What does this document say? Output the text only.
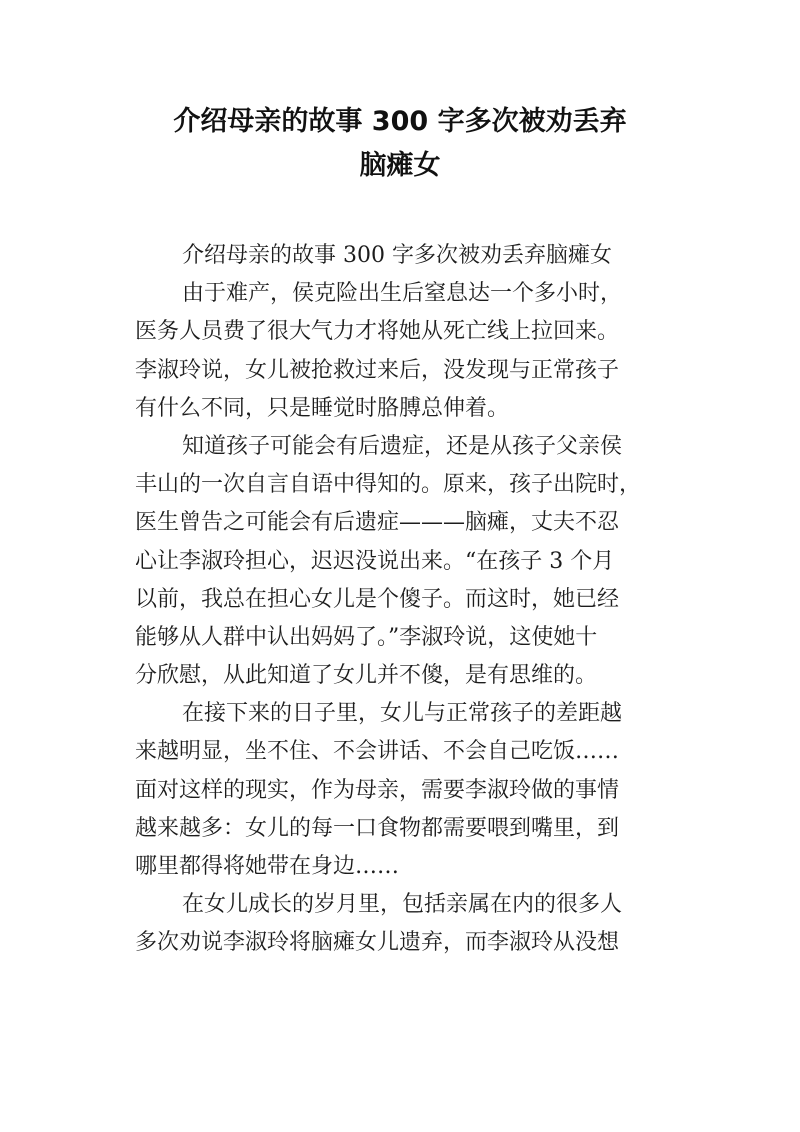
介绍母亲的故事 300 字多次被劝丢弃
脑瘫女
介绍母亲的故事 300 字多次被劝丢弃脑瘫女
由于难产，侯克险出生后窒息达一个多小时，
医务人员费了很大气力才将她从死亡线上拉回来。
李淑玲说，女儿被抢救过来后，没发现与正常孩子
有什么不同，只是睡觉时胳膊总伸着。
知道孩子可能会有后遗症，还是从孩子父亲侯
丰山的一次自言自语中得知的。原来，孩子出院时，
医生曾告之可能会有后遗症———脑瘫，丈夫不忍
心让李淑玲担心，迟迟没说出来。“在孩子 3 个月
以前，我总在担心女儿是个傻子。而这时，她已经
能够从人群中认出妈妈了。”李淑玲说，这使她十
分欣慰，从此知道了女儿并不傻，是有思维的。
在接下来的日子里，女儿与正常孩子的差距越
来越明显，坐不住、不会讲话、不会自己吃饭……
面对这样的现实，作为母亲，需要李淑玲做的事情
越来越多：女儿的每一口食物都需要喂到嘴里，到
哪里都得将她带在身边……
在女儿成长的岁月里，包括亲属在内的很多人
多次劝说李淑玲将脑瘫女儿遗弃，而李淑玲从没想
